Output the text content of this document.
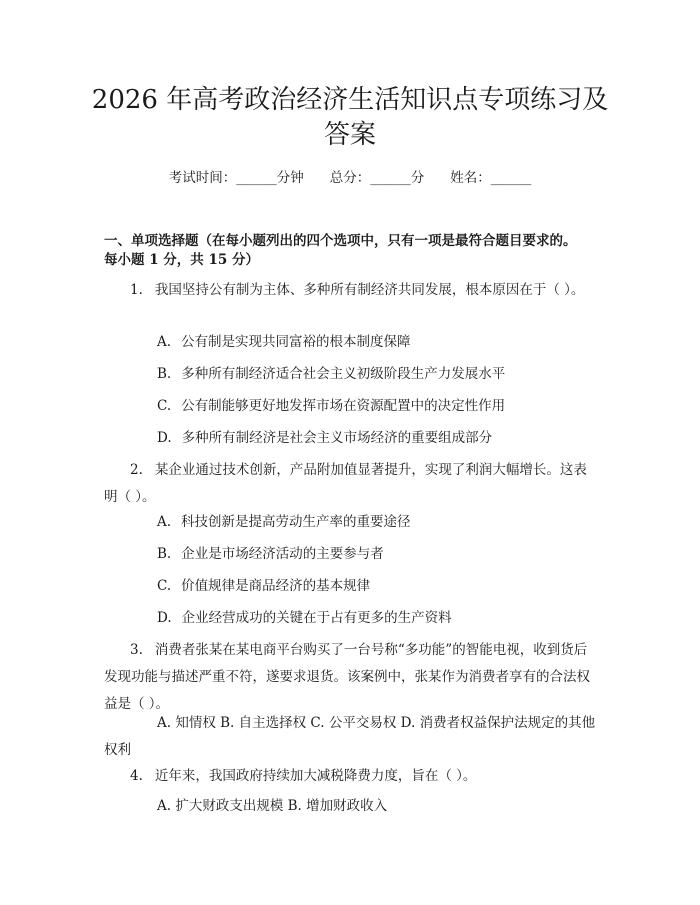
2026 年高考政治经济生活知识点专项练习及
答案
考试时间：______分钟 总分：______分 姓名：______

一、单项选择题（在每小题列出的四个选项中，只有一项是最符合题目要求的。

每小题 1 分，共 15 分）

1. 我国坚持公有制为主体、多种所有制经济共同发展，根本原因在于（ ）。

A. 公有制是实现共同富裕的根本制度保障

B. 多种所有制经济适合社会主义初级阶段生产力发展水平

C. 公有制能够更好地发挥市场在资源配置中的决定性作用

D. 多种所有制经济是社会主义市场经济的重要组成部分

2. 某企业通过技术创新，产品附加值显著提升，实现了利润大幅增长。这表明（ ）。

A. 科技创新是提高劳动生产率的重要途径

B. 企业是市场经济活动的主要参与者

C. 价值规律是商品经济的基本规律

D. 企业经营成功的关键在于占有更多的生产资料

3. 消费者张某在某电商平台购买了一台号称“多功能”的智能电视，收到货后发现功能与描述严重不符，遂要求退货。该案例中，张某作为消费者享有的合法权益是（ ）。

A. 知情权 B. 自主选择权 C. 公平交易权 D. 消费者权益保护法规定的其他权利

4. 近年来，我国政府持续加大减税降费力度，旨在（ ）。

A. 扩大财政支出规模 B. 增加财政收入
